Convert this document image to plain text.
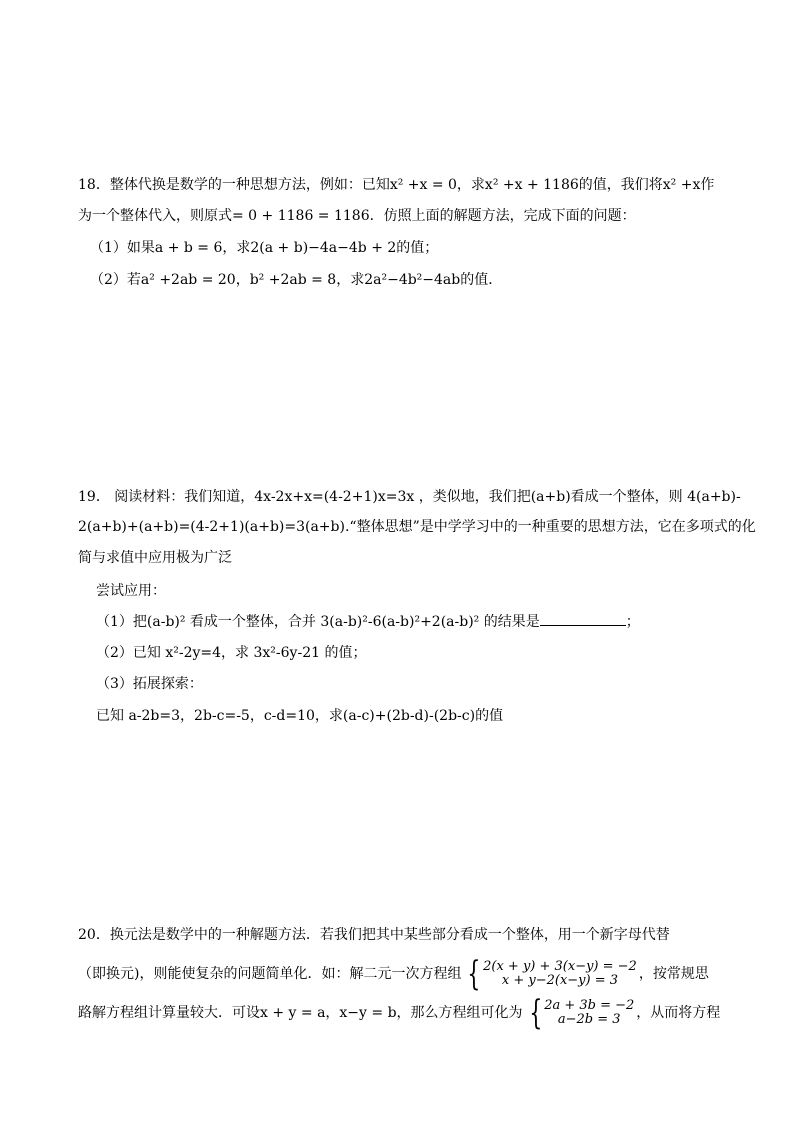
18．整体代换是数学的一种思想方法，例如：已知x² +x = 0，求x² +x + 1186的值，我们将x² +x作
为一个整体代入，则原式= 0 + 1186 = 1186．仿照上面的解题方法，完成下面的问题：
（1）如果a + b = 6，求2(a + b)−4a−4b + 2的值；
（2）若a² +2ab = 20，b² +2ab = 8，求2a²−4b²−4ab的值．
19． 阅读材料：我们知道，4x-2x+x=(4-2+1)x=3x ，类似地，我们把(a+b)看成一个整体，则 4(a+b)-
2(a+b)+(a+b)=(4-2+1)(a+b)=3(a+b).“整体思想”是中学学习中的一种重要的思想方法，它在多项式的化
简与求值中应用极为广泛
尝试应用：
（1）把(a-b)² 看成一个整体，合并 3(a-b)²-6(a-b)²+2(a-b)² 的结果是	；
（2）已知 x²-2y=4，求 3x²-6y-21 的值；
（3）拓展探索：
已知 a-2b=3，2b-c=-5，c-d=10，求(a-c)+(2b-d)-(2b-c)的值
20．换元法是数学中的一种解题方法．若我们把其中某些部分看成一个整体，用一个新字母代替
（即换元)，则能使复杂的问题简单化．如：解二元一次方程组 { 2(x + y) + 3(x−y) = −2
x + y−2(x−y) = 3	，按常规思
路解方程组计算量较大．可设x + y = a，x−y = b，那么方程组可化为 { 2a + 3b = −2
a−2b = 3	，从而将方程
